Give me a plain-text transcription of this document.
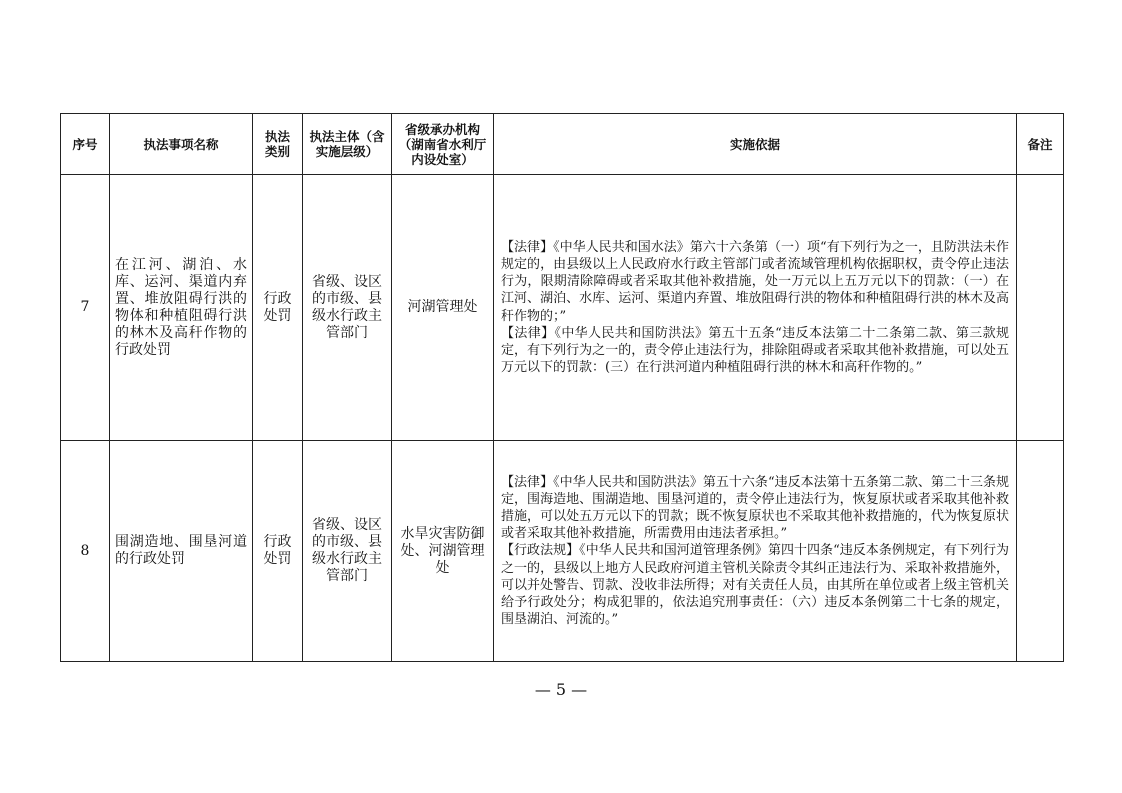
序号	执法事项名称	执法类别	执法主体（含实施层级）	省级承办机构（湖南省水利厅内设处室）	实施依据	备注
7	在江河、湖泊、水库、运河、渠道内弃置、堆放阻碍行洪的物体和种植阻碍行洪的林木及高秆作物的行政处罚	行政处罚	省级、设区的市级、县级水行政主管部门	河湖管理处	【法律】《中华人民共和国水法》第六十六条第（一）项“有下列行为之一，且防洪法未作规定的，由县级以上人民政府水行政主管部门或者流域管理机构依据职权，责令停止违法行为，限期清除障碍或者采取其他补救措施，处一万元以上五万元以下的罚款：（一）在江河、湖泊、水库、运河、渠道内弃置、堆放阻碍行洪的物体和种植阻碍行洪的林木及高秆作物的；”

【法律】《中华人民共和国防洪法》第五十五条“违反本法第二十二条第二款、第三款规定，有下列行为之一的，责令停止违法行为，排除阻碍或者采取其他补救措施，可以处五万元以下的罚款：(三）在行洪河道内种植阻碍行洪的林木和高秆作物的。”	

8	围湖造地、围垦河道的行政处罚	行政处罚	省级、设区的市级、县级水行政主管部门	水旱灾害防御处、河湖管理处	【法律】《中华人民共和国防洪法》第五十六条“违反本法第十五条第二款、第二十三条规定，围海造地、围湖造地、围垦河道的，责令停止违法行为，恢复原状或者采取其他补救措施，可以处五万元以下的罚款；既不恢复原状也不采取其他补救措施的，代为恢复原状或者采取其他补救措施，所需费用由违法者承担。”

【行政法规】《中华人民共和国河道管理条例》第四十四条“违反本条例规定，有下列行为之一的，县级以上地方人民政府河道主管机关除责令其纠正违法行为、采取补救措施外，可以并处警告、罚款、没收非法所得；对有关责任人员，由其所在单位或者上级主管机关给予行政处分；构成犯罪的，依法追究刑事责任：（六）违反本条例第二十七条的规定，围垦湖泊、河流的。”	

— 5 —
